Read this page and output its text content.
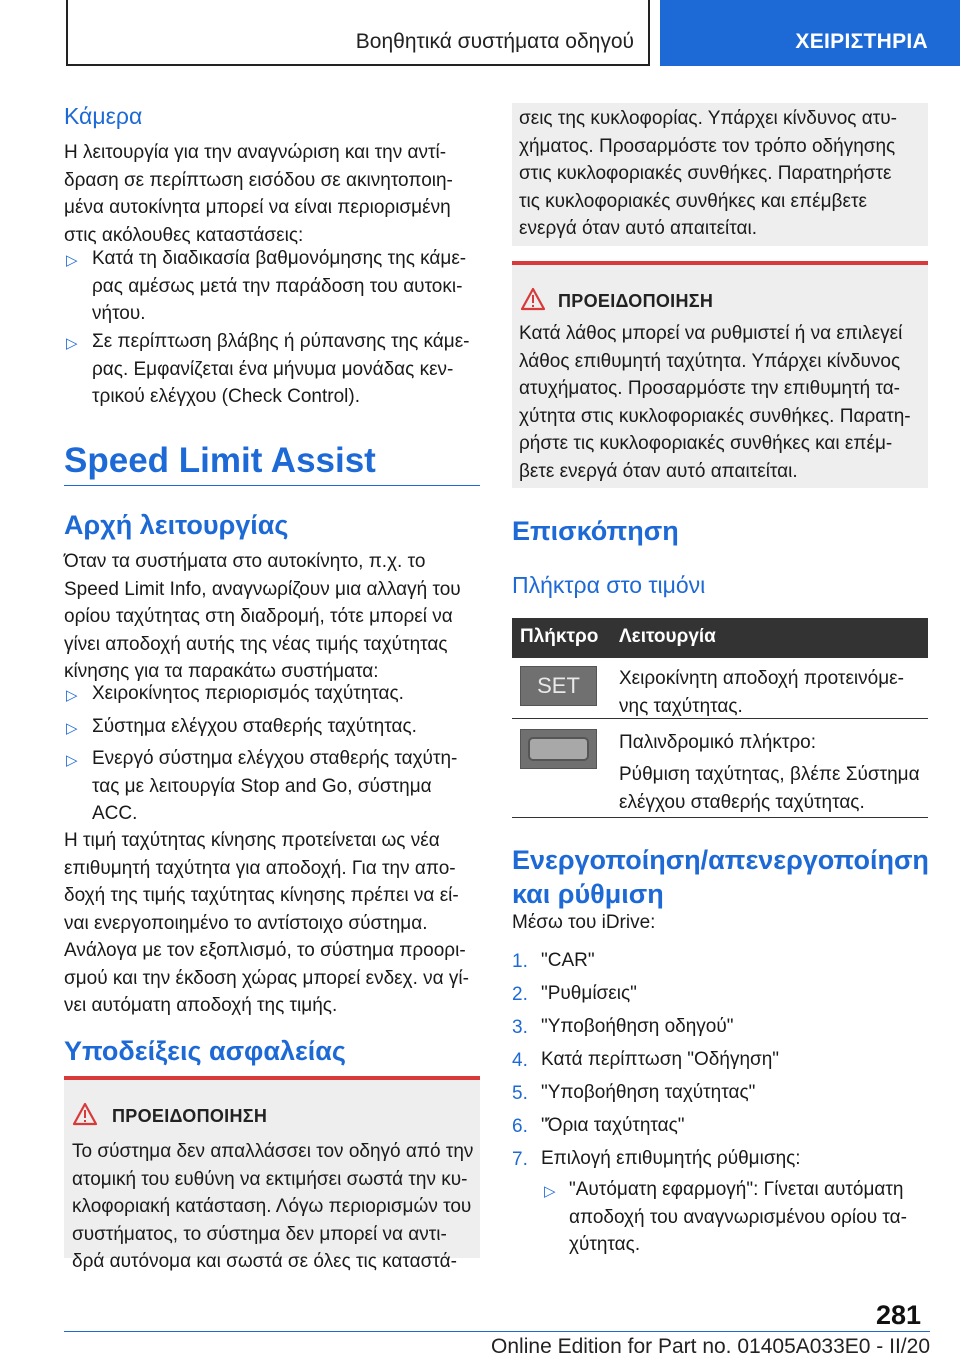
Βοηθητικά συστήματα οδηγού	ΧΕΙΡΙΣΤΗΡΙΑ
Κάμερα
Η λειτουργία για την αναγνώριση και την αντί-
δραση σε περίπτωση εισόδου σε ακινητοποιη-
μένα αυτοκίνητα μπορεί να είναι περιορισμένη
στις ακόλουθες καταστάσεις:
▷ Κατά τη διαδικασία βαθμονόμησης της κάμε-
ρας αμέσως μετά την παράδοση του αυτοκι-
νήτου.
▷ Σε περίπτωση βλάβης ή ρύπανσης της κάμε-
ρας. Εμφανίζεται ένα μήνυμα μονάδας κεν-
τρικού ελέγχου (Check Control).
Speed Limit Assist
Αρχή λειτουργίας
Όταν τα συστήματα στο αυτοκίνητο, π.χ. το
Speed Limit Info, αναγνωρίζουν μια αλλαγή του
ορίου ταχύτητας στη διαδρομή, τότε μπορεί να
γίνει αποδοχή αυτής της νέας τιμής ταχύτητας
κίνησης για τα παρακάτω συστήματα:
▷ Χειροκίνητος περιορισμός ταχύτητας.
▷ Σύστημα ελέγχου σταθερής ταχύτητας.
▷ Ενεργό σύστημα ελέγχου σταθερής ταχύτη-
τας με λειτουργία Stop and Go, σύστημα
ACC.
Η τιμή ταχύτητας κίνησης προτείνεται ως νέα
επιθυμητή ταχύτητα για αποδοχή. Για την απο-
δοχή της τιμής ταχύτητας κίνησης πρέπει να εί-
ναι ενεργοποιημένο το αντίστοιχο σύστημα.
Ανάλογα με τον εξοπλισμό, το σύστημα προορι-
σμού και την έκδοση χώρας μπορεί ενδεχ. να γί-
νει αυτόματη αποδοχή της τιμής.
Υποδείξεις ασφαλείας
ΠΡΟΕΙΔΟΠΟΙΗΣΗ
Το σύστημα δεν απαλλάσσει τον οδηγό από την
ατομική του ευθύνη να εκτιμήσει σωστά την κυ-
κλοφοριακή κατάσταση. Λόγω περιορισμών του
συστήματος, το σύστημα δεν μπορεί να αντι-
δρά αυτόνομα και σωστά σε όλες τις καταστά-
σεις της κυκλοφορίας. Υπάρχει κίνδυνος ατυ-
χήματος. Προσαρμόστε τον τρόπο οδήγησης
στις κυκλοφοριακές συνθήκες. Παρατηρήστε
τις κυκλοφοριακές συνθήκες και επέμβετε
ενεργά όταν αυτό απαιτείται.
ΠΡΟΕΙΔΟΠΟΙΗΣΗ
Κατά λάθος μπορεί να ρυθμιστεί ή να επιλεγεί
λάθος επιθυμητή ταχύτητα. Υπάρχει κίνδυνος
ατυχήματος. Προσαρμόστε την επιθυμητή τα-
χύτητα στις κυκλοφοριακές συνθήκες. Παρατη-
ρήστε τις κυκλοφοριακές συνθήκες και επέμ-
βετε ενεργά όταν αυτό απαιτείται.
Επισκόπηση
Πλήκτρα στο τιμόνι
Πλήκτρο Λειτουργία
SET	Χειροκίνητη αποδοχή προτεινόμε-
νης ταχύτητας.
Παλινδρομικό πλήκτρο:
Ρύθμιση ταχύτητας, βλέπε Σύστημα
ελέγχου σταθερής ταχύτητας.
Ενεργοποίηση/απενεργοποίηση
και ρύθμιση
Μέσω του iDrive:
1. "CAR"
2. "Ρυθμίσεις"
3. "Υποβοήθηση οδηγού"
4. Κατά περίπτωση "Οδήγηση"
5. "Υποβοήθηση ταχύτητας"
6. "Όρια ταχύτητας"
7. Επιλογή επιθυμητής ρύθμισης:
▷ "Αυτόματη εφαρμογή": Γίνεται αυτόματη
αποδοχή του αναγνωρισμένου ορίου τα-
χύτητας.
281
Online Edition for Part no. 01405A033E0 - II/20
